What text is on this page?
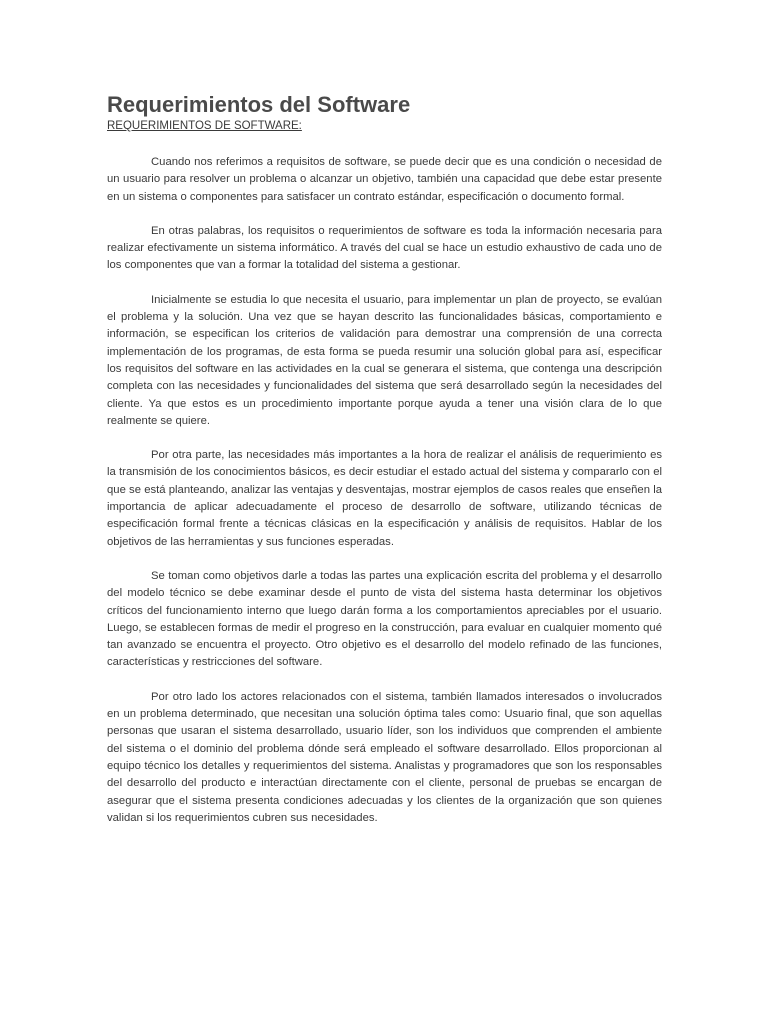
Requerimientos del Software

REQUERIMIENTOS DE SOFTWARE:

Cuando nos referimos a requisitos de software, se puede decir que es una condición o necesidad de un usuario para resolver un problema o alcanzar un objetivo, también una capacidad que debe estar presente en un sistema o componentes para satisfacer un contrato estándar, especificación o documento formal.

En otras palabras, los requisitos o requerimientos de software es toda la información necesaria para realizar efectivamente un sistema informático. A través del cual se hace un estudio exhaustivo de cada uno de los componentes que van a formar la totalidad del sistema a gestionar.

Inicialmente se estudia lo que necesita el usuario, para implementar un plan de proyecto, se evalúan el problema y la solución. Una vez que se hayan descrito las funcionalidades básicas, comportamiento e información, se especifican los criterios de validación para demostrar una comprensión de una correcta implementación de los programas, de esta forma se pueda resumir una solución global para así, especificar los requisitos del software en las actividades en la cual se generara el sistema, que contenga una descripción completa con las necesidades y funcionalidades del sistema que será desarrollado según la necesidades del cliente. Ya que estos es un procedimiento importante porque ayuda a tener una visión clara de lo que realmente se quiere.

Por otra parte, las necesidades más importantes a la hora de realizar el análisis de requerimiento es la transmisión de los conocimientos básicos, es decir estudiar el estado actual del sistema y compararlo con el que se está planteando, analizar las ventajas y desventajas, mostrar ejemplos de casos reales que enseñen la importancia de aplicar adecuadamente el proceso de desarrollo de software, utilizando técnicas de especificación formal frente a técnicas clásicas en la especificación y análisis de requisitos. Hablar de los objetivos de las herramientas y sus funciones esperadas.

Se toman como objetivos darle a todas las partes una explicación escrita del problema y el desarrollo del modelo técnico se debe examinar desde el punto de vista del sistema hasta determinar los objetivos críticos del funcionamiento interno que luego darán forma a los comportamientos apreciables por el usuario. Luego, se establecen formas de medir el progreso en la construcción, para evaluar en cualquier momento qué tan avanzado se encuentra el proyecto. Otro objetivo es el desarrollo del modelo refinado de las funciones, características y restricciones del software.

Por otro lado los actores relacionados con el sistema, también llamados interesados o involucrados en un problema determinado, que necesitan una solución óptima tales como: Usuario final, que son aquellas personas que usaran el sistema desarrollado, usuario líder, son los individuos que comprenden el ambiente del sistema o el dominio del problema dónde será empleado el software desarrollado. Ellos proporcionan al equipo técnico los detalles y requerimientos del sistema. Analistas y programadores que son los responsables del desarrollo del producto e interactúan directamente con el cliente, personal de pruebas se encargan de asegurar que el sistema presenta condiciones adecuadas y los clientes de la organización que son quienes validan si los requerimientos cubren sus necesidades.
